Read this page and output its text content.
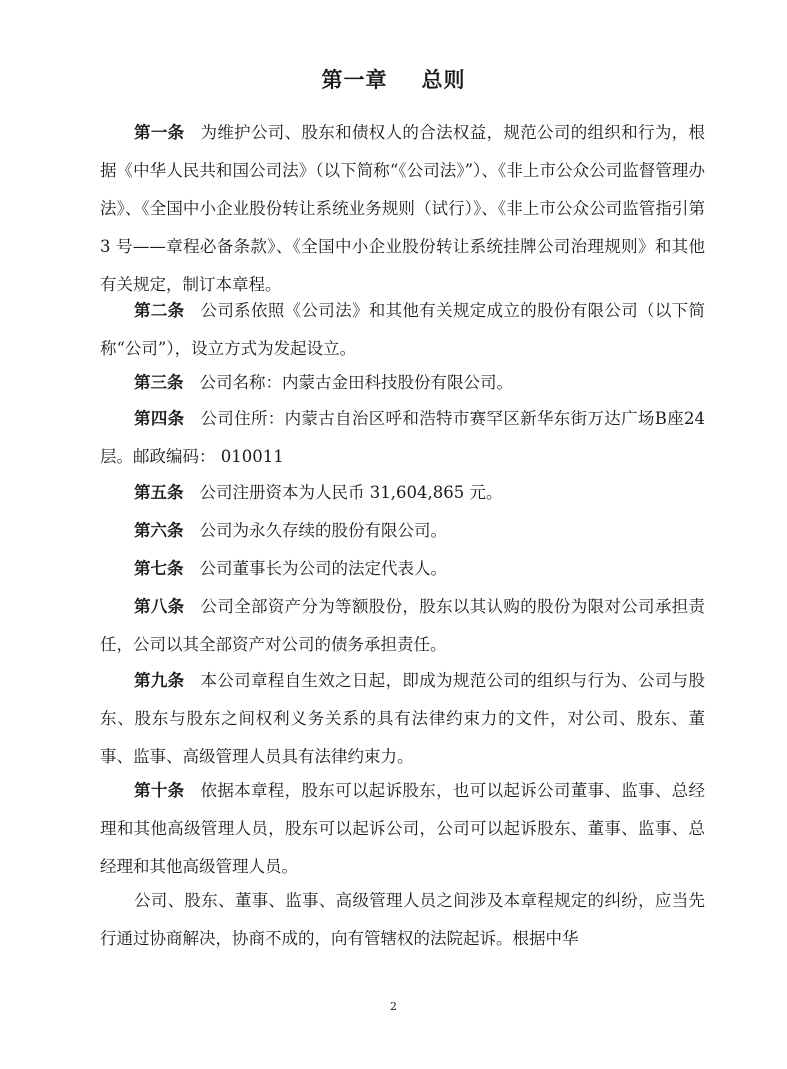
第一章 总则

第一条 为维护公司、股东和债权人的合法权益，规范公司的组织和行为，根据《中华人民共和国公司法》（以下简称“《公司法》”）、《非上市公众公司监督管理办法》、《全国中小企业股份转让系统业务规则（试行）》、《非上市公众公司监管指引第 3 号——章程必备条款》、《全国中小企业股份转让系统挂牌公司治理规则》和其他有关规定，制订本章程。

第二条 公司系依照《公司法》和其他有关规定成立的股份有限公司（以下简称“公司”），设立方式为发起设立。

第三条 公司名称：内蒙古金田科技股份有限公司。

第四条 公司住所：内蒙古自治区呼和浩特市赛罕区新华东街万达广场B座24层。邮政编码： 010011

第五条 公司注册资本为人民币 31,604,865 元。

第六条 公司为永久存续的股份有限公司。

第七条 公司董事长为公司的法定代表人。

第八条 公司全部资产分为等额股份，股东以其认购的股份为限对公司承担责任，公司以其全部资产对公司的债务承担责任。

第九条 本公司章程自生效之日起，即成为规范公司的组织与行为、公司与股东、股东与股东之间权利义务关系的具有法律约束力的文件，对公司、股东、董事、监事、高级管理人员具有法律约束力。

第十条 依据本章程，股东可以起诉股东，也可以起诉公司董事、监事、总经理和其他高级管理人员，股东可以起诉公司，公司可以起诉股东、董事、监事、总经理和其他高级管理人员。

公司、股东、董事、监事、高级管理人员之间涉及本章程规定的纠纷，应当先行通过协商解决，协商不成的，向有管辖权的法院起诉。根据中华

2
